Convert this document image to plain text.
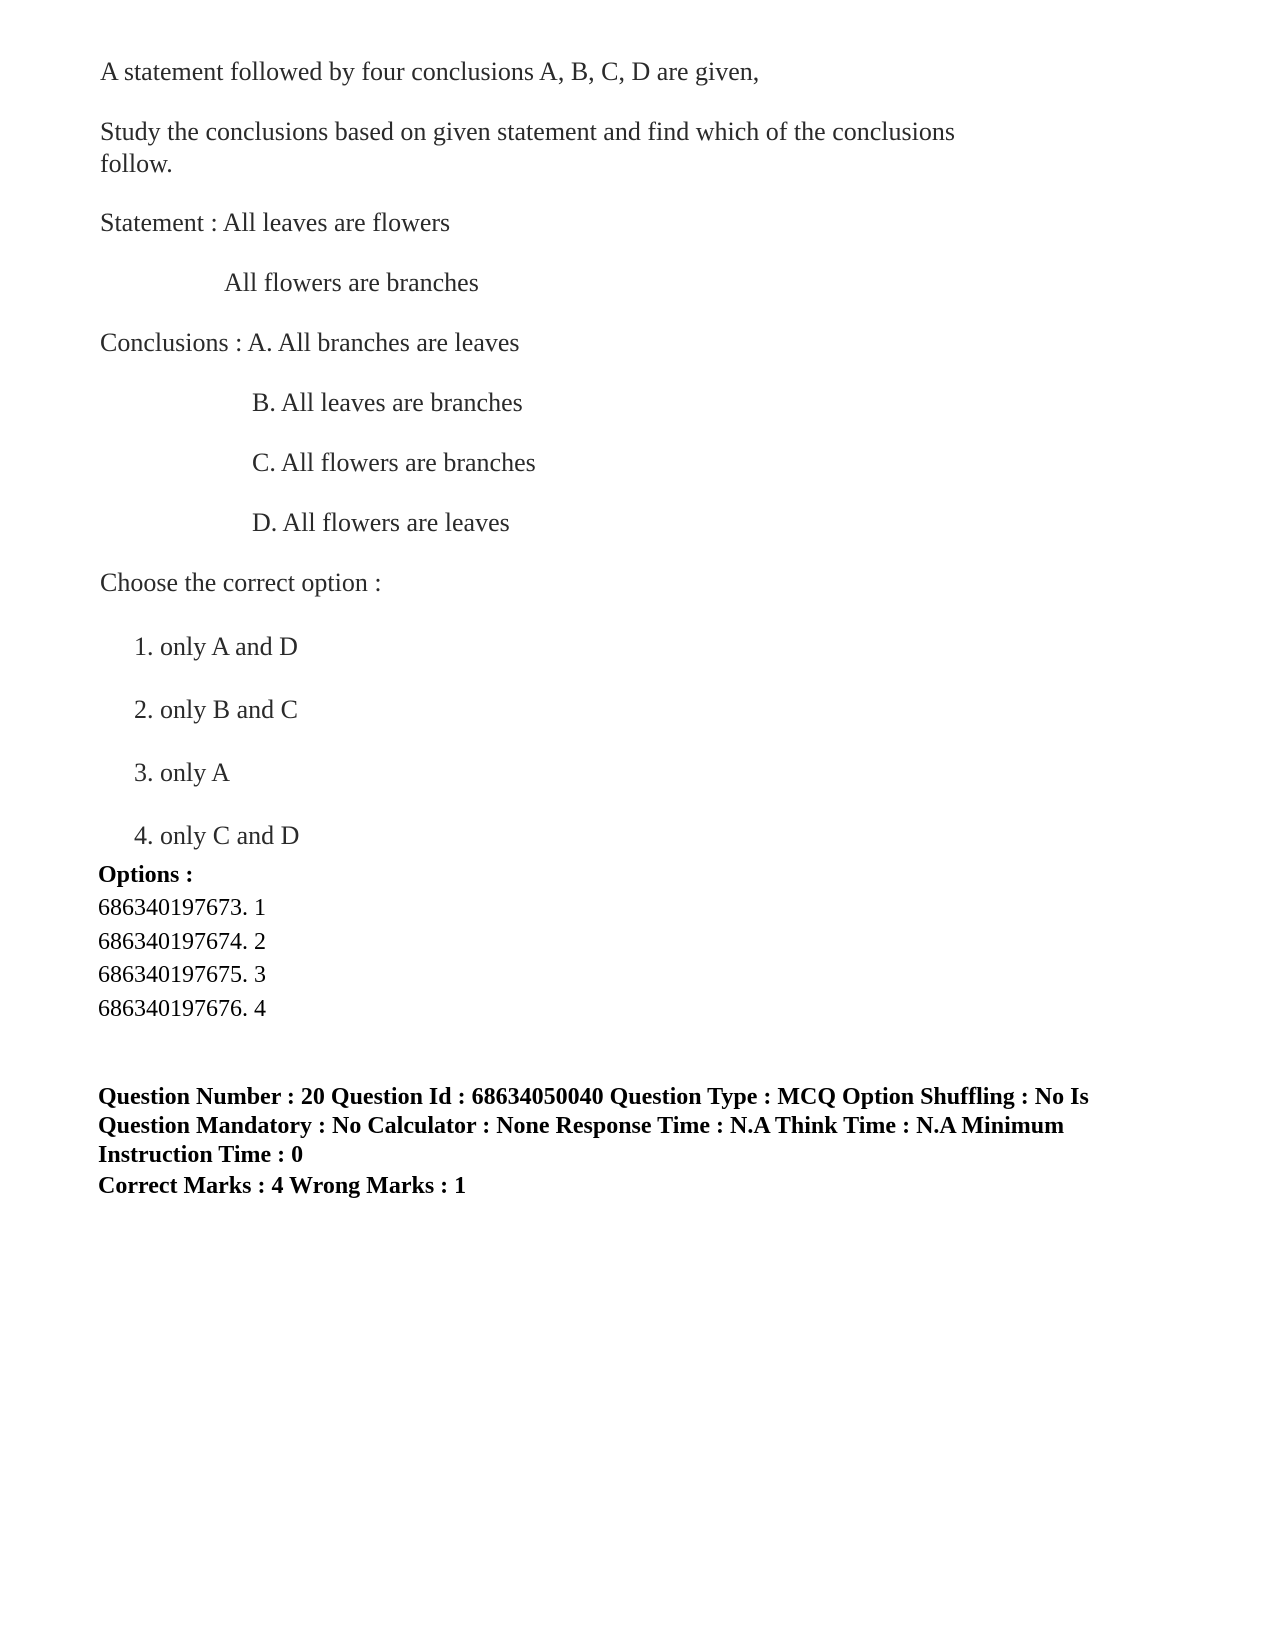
A statement followed by four conclusions A, B, C, D are given,
Study the conclusions based on given statement and find which of the conclusions
follow.
Statement : All leaves are flowers
All flowers are branches
Conclusions : A. All branches are leaves
B. All leaves are branches
C. All flowers are branches
D. All flowers are leaves
Choose the correct option :
1. only A and D
2. only B and C
3. only A
4. only C and D
Options :
686340197673. 1
686340197674. 2
686340197675. 3
686340197676. 4
Question Number : 20 Question Id : 68634050040 Question Type : MCQ Option Shuffling : No Is
Question Mandatory : No Calculator : None Response Time : N.A Think Time : N.A Minimum
Instruction Time : 0
Correct Marks : 4 Wrong Marks : 1
